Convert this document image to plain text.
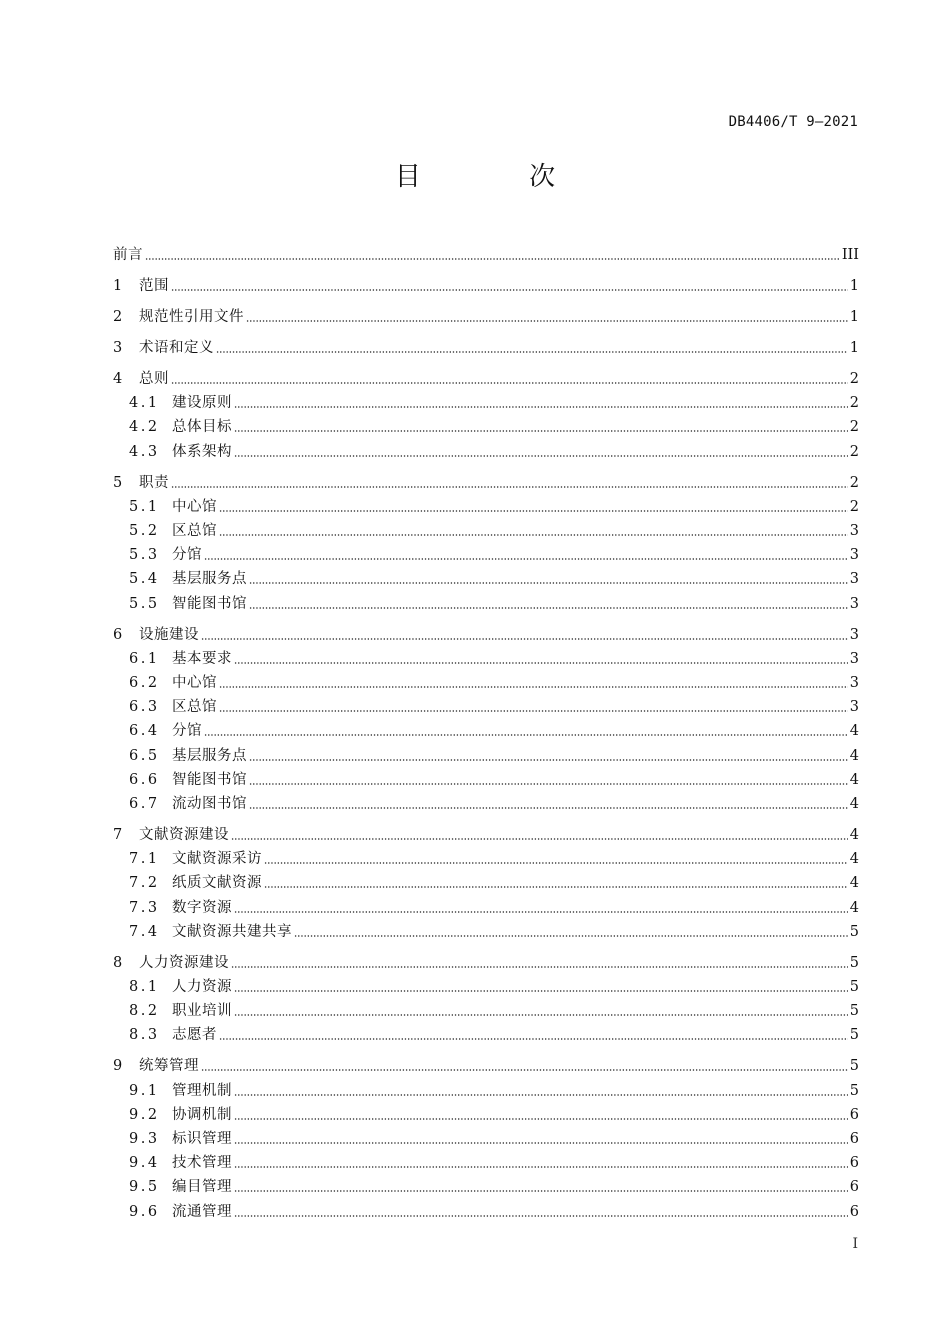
DB4406/T 9—2021
目 次
前言	III
1	范围	1
2	规范性引用文件	1
3	术语和定义	1
4	总则	2
4.1 建设原则	2
4.2 总体目标	2
4.3 体系架构	2
5	职责	2
5.1 中心馆	2
5.2 区总馆	3
5.3 分馆	3
5.4 基层服务点	3
5.5 智能图书馆	3
6	设施建设	3
6.1 基本要求	3
6.2 中心馆	3
6.3 区总馆	3
6.4 分馆	4
6.5 基层服务点	4
6.6 智能图书馆	4
6.7 流动图书馆	4
7	文献资源建设	4
7.1 文献资源采访	4
7.2 纸质文献资源	4
7.3 数字资源	4
7.4 文献资源共建共享	5
8	人力资源建设	5
8.1 人力资源	5
8.2 职业培训	5
8.3 志愿者	5
9	统筹管理	5
9.1 管理机制	5
9.2 协调机制	6
9.3 标识管理	6
9.4 技术管理	6
9.5 编目管理	6
9.6 流通管理	6
I
